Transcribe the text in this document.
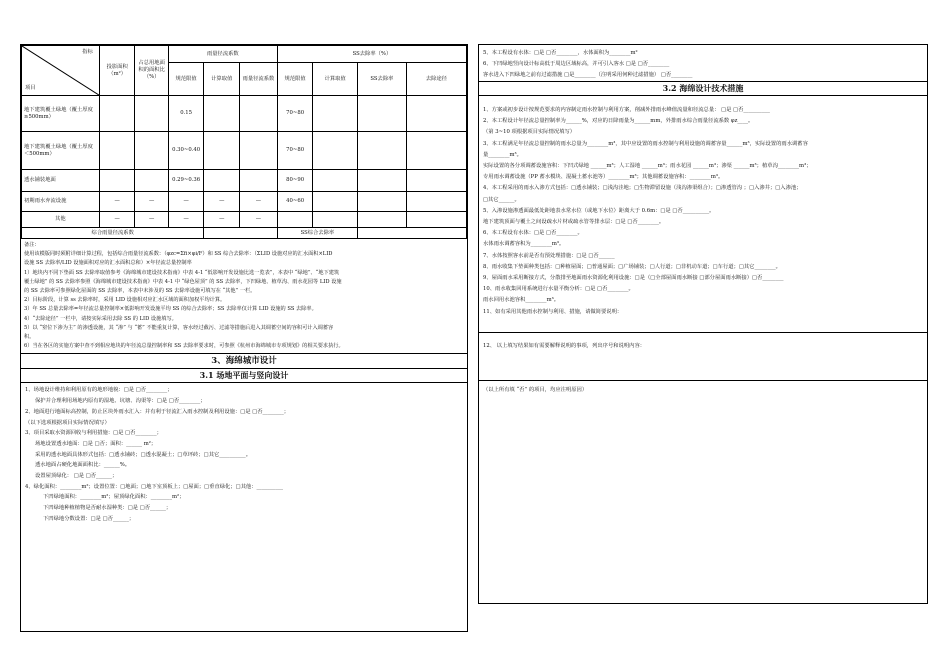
指标
项目	投影面积（m²）	占总用地面积的面积比（%）	雨量径流系数			SS去除率（%）			
			规范限值	计算取值	雨量径流系数	规范限值	计算取值	SS去除率	去除途径
地下建筑覆土绿地（覆土厚度≥500mm）			0.15			70~80			
地下建筑覆土绿地（覆土厚度＜500mm）			0.30~0.40			70~80			
透水铺装地面			0.29~0.36			80~90			
初期雨水弃流设施	—	—	—	—	—	40~60			
其他	—	—	—	—	—				
综合雨量径流系数						SS综合去除率			

备注：

使用该模版同时须附详细计算过程，包括综合雨量径流系数：（φzc=Σfi×φi/F）和 SS 综合去除率：（ΣLID 设施对应的汇水面积×LID

设施 SS 去除率/LID 设施面积对应的汇水面积总和）×年径流总量控制率

1）地块内不同下垫面 SS 去除率取值参考《海绵城市建设技术指南》中表 4-1 “低影响开发设施比选一览表”，本表中 “绿地”、“地下建筑

覆土绿地” 的 SS 去除率参照《海绵城市建设技术指南》中表 4-1 中 “绿色屋顶” 的 SS 去除率，下凹绿地、植草沟、雨水花园等 LID 设施

的 SS 去除率可参照绿化屋面的 SS 去除率，本表中未涉及的 SS 去除率设施可填写在 “其他” 一栏。

2）目标阶段，计算 ss 去除率时，采用 LID 设施相对应汇水区域的面积加权平均计算。

3）年 SS 总量去除率=年径流总量控制率×低影响开发设施平均 SS 的综合去除率；SS 去除率仅计算 LID 设施的 SS 去除率。

4）“去除途径” 一栏中，请按实际采用去除 SS 的 LID 设施填写。

5）以 “窒位下渗为主” 的渗透设施，其 “渗” 与 “蓄” 不能重复计算，客水经过截污、过滤等措施后进入其调蓄空间的容积可计入调蓄容

积。

6）当在各区的实施方案中查不到相应地块的年径流总量控制率和 SS 去除率要求时，可参照《杭州市海绵城市专项规划》的相关要求执行。

3、海绵城市设计
3.1 场地平面与竖向设计

1、场地设计维持和利用原有的地形地貌：□是 □否________；

保护并合理利用场地内原有的湿地、坑塘、沟渠等：□是 □否________；

2、地面进行地面标高控制，防止区块外雨水汇入：并有利于径流汇入雨水控制及利用设施：□是 □否________；

（以下选项根据项目实际情况填写）

3、项目采取水资源回收与利用措施：□是 □否________；

场地设置透水地面：□是 □否；面积：______ m²；

采用的透水地面具体形式包括：□透水铺砖；□透水混凝土；□草坪砖；□其它__________。

透水地面占硬化地面面积比：______%。

设置屋顶绿化： □是 □否______；

4、绿化面积：________m²；设置位置：□地面；□地下室顶板上；□屋面；□垂直绿化；□其他：__________

下凹绿地面积：________m²；屋顶绿化面积：________m²；

下凹绿地种植植物是否耐水湿种类：□是 □否______；

下凹绿地分数设置：□是 □否______；

5、本工程设有水体：□是 □否________，水体面积为________m²

6、下凹绿地竖向设计标高低于周边区域标高，并可引入客水 □是 □否________

客水进入下凹绿地之前有过滤措施 □是________（注明采用何种过滤措施） □否________

3.2 海绵设计技术措施

1、方案或初步设计按规范要求的内容制定雨水控制与利用方案，削减外排雨水峰值流量和径流总量： □是 □否__________

2、本工程设计年径流总量控制率为______%，对应的日降雨量为______mm，外排雨水综合雨量径流系数 φz____。

（第 3~10 项根据项目实际情况填写）

3、本工程满足年径流总量控制的雨水总量为________m³，其中应设置的雨水控制与利用设施的调蓄容量______m³，实际设置的雨水调蓄容

量________m³。

实际设置的各分项调蓄设施容积：下凹式绿地 ______m³；人工湿地 ______m³；雨水花园 ______m³；渗渠 ______m³；植草沟________m³；

专用雨水调蓄设施（PP 蓄水模块、混凝土蓄水池等）________m³；其他调蓄设施容积：________m³。

4、本工程采用的雨水入渗方式包括：□透水铺装；□浅沟洼地；□生物滞留设施（浅沟渗渠组合）；□渗透管沟 ；□入渗井；□入渗池；

□其它______。

5、入渗设施渗透面最低处距地表水常水位（或地下水位）距离大于 0.6m：□是 □否__________。

地下建筑顶面与覆土之间设疏水片材或疏水管等排水层：□是 □否________。

6、本工程设有水体：□是 □否________。

水体雨水调蓄容积为________m³。

7、水体按照客水前是否有预处理措施：□是 □否______

8、雨水收集下垫面种类包括：□种植屋面；□普通屋面；□广场铺装；□人行道；□非机动车道；□车行道；□其它________。

9、屋面雨水采用断接方式，分散排至地面雨水资源化利用设施：□是（□全部屋面雨水断接 □部分屋面雨水断接）□否________

10、雨水收集回用系统进行水量平衡分析：□是 □否________。

雨水回用水池容积________m³。

11、如有采用其他雨水控制与利用、措施，请做简要说明：

12、 以上填写结果如有需要解释说明的事项，列出序号和说明内容：

（以上所有填 “否” 的项目，均应注明原因）
